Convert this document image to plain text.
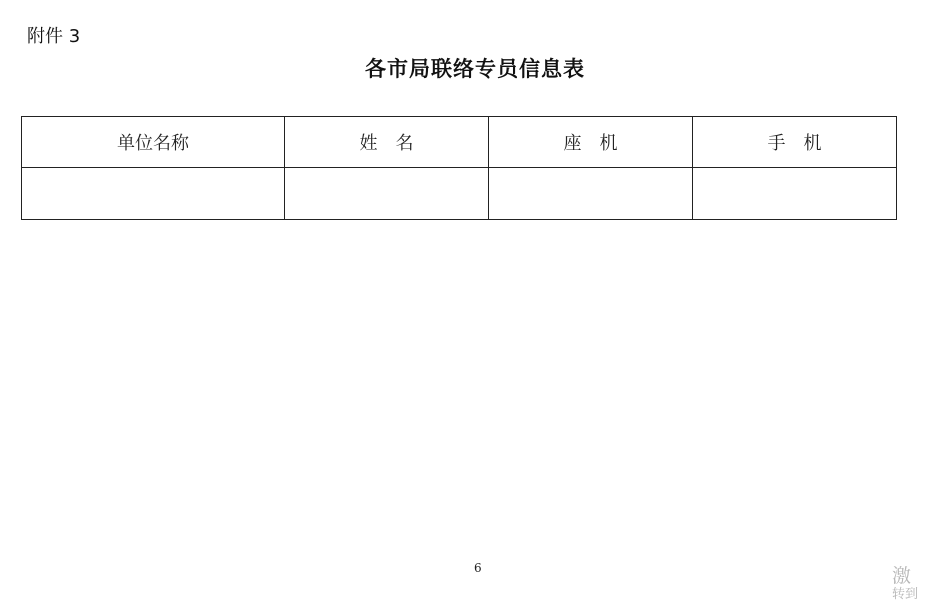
附件 3
各市局联络专员信息表
单位名称	姓　名	座　机	手　机

6	激
转到
